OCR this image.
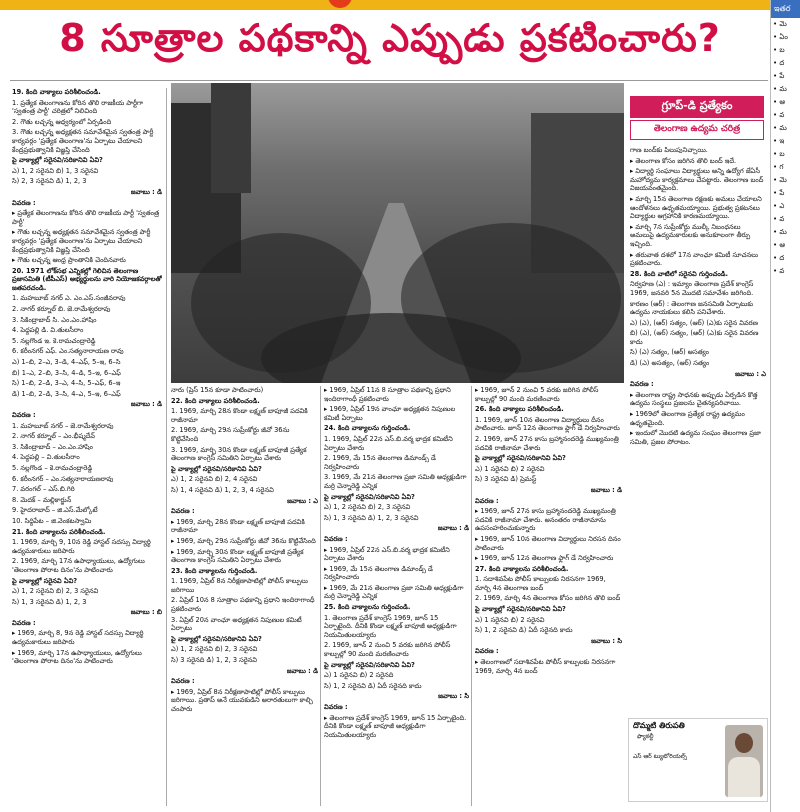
8 సూత్రాల పథకాన్ని ఎప్పుడు ప్రకటించారు?

19. కింది వాక్యాలు పరిశీలించండి.

1. ప్రత్యేక తెలంగాణను కోరిన తొలి రాజకీయ పార్టీగా 'స్వతంత్ర పార్టీ' చరిత్రలో నిలిచింది

2. గౌతు లచ్చన్న ఆధ్వర్యంలో ఏర్పడింది

3. గౌతు లచ్చన్న అధ్యక్షతన సమావేశమైన స్వతంత్ర పార్టీ కార్యవర్గం 'ప్రత్యేక తెలంగాణ'ను ఏర్పాటు చేయాలని కేంద్రప్రభుత్వానికి విజ్ఞప్తి చేసింది

పై వాక్యాల్లో సరైనవి/సరికానివి ఏవి?

ఎ) 1, 2 సరైనవి బి) 1, 3 సరైనవి

సి) 2, 3 సరైనవి డి) 1, 2, 3

జవాబు : డి

వివరణ :

▸ ప్రత్యేక తెలంగాణను కోరిన తొలి రాజకీయ పార్టీ 'స్వతంత్ర పార్టీ'

▸ గౌతు లచ్చన్న అధ్యక్షతన సమావేశమైన స్వతంత్ర పార్టీ కార్యవర్గం 'ప్రత్యేక తెలంగాణ'ను ఏర్పాటు చేయాలని కేంద్రప్రభుత్వానికి విజ్ఞప్తి చేసింది

▸ గౌతు లచ్చన్న ఆంధ్ర ప్రాంతానికి చెందినవారు

20. 1971 లోక్‌సభ ఎన్నికల్లో గెలిచిన తెలంగాణ ప్రజాసమితి (టీపీఎస్) అభ్యర్థులను వారి నియోజకవర్గాలతో జతపరచండి.

1. మహబూబ్ నగర్ ఎ. ఎం.ఎస్.సంజీవరావు

2. నాగర్ కర్నూల్ బి. జె.రామేశ్వరరావు

3. సికింద్రాబాద్ సి. ఎం.ఎం.హాషిం

4. పెద్దపల్లి డి. వి.తులసీరాం

5. నల్లగొండ ఇ. కె.రామచంద్రారెడ్డి

6. కరీంనగర్ ఎఫ్. ఎం.సత్యనారాయణ రావు

ఎ) 1–బి, 2–ఎ, 3–డి, 4–ఎఫ్, 5–ఇ, 6–సి

బి) 1–ఎ, 2–బి, 3–సి, 4–డి, 5–ఇ, 6–ఎఫ్

సి) 1–బి, 2–డి, 3–ఎ, 4–సి, 5–ఎఫ్, 6–ఇ

డి) 1–బి, 2–డి, 3–సి, 4–ఎ, 5–ఇ, 6–ఎఫ్

జవాబు : డి

వివరణ :

1. మహబూబ్ నగర్ – జె.రామేశ్వరరావు

2. నాగర్ కర్నూల్ – ఎం.భీష్మదేవ్

3. సికింద్రాబాద్ – ఎం.ఎం.హాషిం

4. పెద్దపల్లి – వి.తులసీరాం

5. నల్లగొండ – కె.రామచంద్రారెడ్డి

6. కరీంనగర్ – ఎం.సత్యనారాయణరావు

7. వరంగల్ – ఎస్.బి.గిరి

8. మెదక్ – మల్లికార్జున్

9. హైదరాబాద్ – జి.ఎస్.మేల్కోటే

10. సిద్దిపేట – జి.వెంకటస్వామి

21. కింది వాక్యాలను పరిశీలించండి.

1. 1969, మార్చి 9, 10న రెడ్డి హాస్టల్ సదస్సు విద్యార్థి ఉద్యమకారులు జరిపారు

2. 1969, మార్చి 17న ఉపాధ్యాయులు, ఉద్యోగులు 'తెలంగాణ పోరాట దినం'ను పాటించారు

పై వాక్యాల్లో సరైనవి ఏవి?

ఎ) 1, 2 సరైనవి బి) 2, 3 సరైనవి

సి) 1, 3 సరైనవి డి) 1, 2, 3

జవాబు : బి

వివరణ :

▸ 1969, మార్చి 8, 9న రెడ్డి హాస్టల్ సదస్సు విద్యార్థి ఉద్యమకారులు జరిపారు

▸ 1969, మార్చి 17న ఉపాధ్యాయులు, ఉద్యోగులు 'తెలంగాణ పోరాట దినం'ను పాటించారు

నారు (ప్రెస్ 15న కూడా పాటించారు)

22. కింది వాక్యాలు పరిశీలించండి.

1. 1969, మార్చి 28న కొండా లక్ష్మణ్ బాపూజీ పదవికి రాజీనామా

2. 1969, మార్చి 29న సుప్రీంకోర్టు జీవో 36ను కొట్టివేసింది

3. 1969, మార్చి 30న కొండా లక్ష్మణ్ బాపూజీ ప్రత్యేక తెలంగాణ కాంగ్రెస్ సమితిని ఏర్పాటు చేశారు

పై వాక్యాల్లో సరైనవి/సరికానివి ఏవి?

ఎ) 1, 2 సరైనవి బి) 2, 4 సరైనవి

సి) 1, 4 సరైనవి డి) 1, 2, 3, 4 సరైనవి

జవాబు : ఎ

వివరణ :

▸ 1969, మార్చి 28న కొండా లక్ష్మణ్ బాపూజీ పదవికి రాజీనామా

▸ 1969, మార్చి 29న సుప్రీంకోర్టు జీవో 36ను కొట్టివేసింది

▸ 1969, మార్చి 30న కొండా లక్ష్మణ్ బాపూజీ ప్రత్యేక తెలంగాణ కాంగ్రెస్ సమితిని ఏర్పాటు చేశారు

23. కింది వాక్యాలను గుర్తించండి.

1. 1969, ఏప్రిల్ 8న నిరీక్షణాపాటిల్లో పోలీస్ కాల్పులు జరిగాయి

2. ఏప్రిల్ 10న 8 సూత్రాల పథకాన్ని ప్రధాని ఇందిరాగాంధీ ప్రకటించారు

3. ఏప్రిల్ 20న వాంఛూ అధ్యక్షతన నిపుణుల కమిటీ ఏర్పాటు

పై వాక్యాల్లో సరైనవి/సరికానివి ఏవి?

ఎ) 1, 2 సరైనవి బి) 2, 3 సరైనవి

సి) 3 సరైనది డి) 1, 2, 3 సరైనవి

జవాబు : డి

వివరణ :

▸ 1969, ఏప్రిల్ 8న నిరీక్షణాపాటిల్లో పోలీస్ కాల్పులు జరిగాయి. ప్రతాప్ అనే యువకుడిని అరారతులుగా కాల్చి చంపారు

▸ 1969, ఏప్రిల్ 11న 8 సూత్రాల పథకాన్ని ప్రధాని ఇందిరాగాంధీ ప్రకటించారు

▸ 1969, ఏప్రిల్ 19న వాంఛూ అధ్యక్షతన నిపుణుల కమిటీ ఏర్పాటు

24. కింది వాక్యాలను గుర్తించండి.

1. 1969, ఏప్రిల్ 22న ఎస్.బి.వర్మ భాద్రక కమిటీని ఏర్పాటు చేశారు

2. 1969, మే 15న తెలంగాణ డిమాండ్స్ డే నిర్వహించారు

3. 1969, మే 21న తెలంగాణ ప్రజా సమితి అధ్యక్షుడిగా మర్రి చెన్నారెడ్డి ఎన్నిక

పై వాక్యాల్లో సరైనవి/సరికానివి ఏవి?

ఎ) 1, 2 సరైనవి బి) 2, 3 సరైనవి

సి) 1, 3 సరైనవి డి) 1, 2, 3 సరైనవి

జవాబు : డి

వివరణ :

▸ 1969, ఏప్రిల్ 22న ఎస్.బి.వర్మ భాద్రక కమిటీని ఏర్పాటు చేశారు

▸ 1969, మే 15న తెలంగాణ డిమాండ్స్ డే నిర్వహించారు

▸ 1969, మే 21న తెలంగాణ ప్రజా సమితి అధ్యక్షుడిగా మర్రి చెన్నారెడ్డి ఎన్నిక

25. కింది వాక్యాలను గుర్తించండి.

1. తెలంగాణ ప్రదేశ్ కాంగ్రెస్ 1969, జూన్ 15 ఏర్పాటైంది. దీనికి కొండా లక్ష్మణ్ బాపూజీ అధ్యక్షుడిగా నియమితులయ్యారు

2. 1969, జూన్ 2 నుంచి 5 వరకు జరిగిన పోలీస్ కాల్పుల్లో 90 మంది మరణించారు

పై వాక్యాల్లో సరైనవి/సరికానివి ఏవి?

ఎ) 1 సరైనవి బి) 2 సరైనది

సి) 1, 2 సరైనవి డి) ఏదీ సరైనది కాదు

జవాబు : సి

వివరణ :

▸ తెలంగాణ ప్రదేశ్ కాంగ్రెస్ 1969, జూన్ 15 ఏర్పాటైంది. దీనికి కొండా లక్ష్మణ్ బాపూజీ అధ్యక్షుడిగా నియమితులయ్యారు

▸ 1969, జూన్ 2 నుంచి 5 వరకు జరిగిన పోలీస్ కాల్పుల్లో 90 మంది మరణించారు

26. కింది వాక్యాలు పరిశీలించండి.

1. 1969, జూన్ 10న తెలంగాణ విద్యార్థులు దీనం పాటించారు. జూన్ 12న తెలంగాణ ఫ్లాగ్ డే నిర్వహించారు

2. 1969, జూన్ 27న కాసు బ్రహ్మానందరెడ్డి ముఖ్యమంత్రి పదవికి రాజీనామా చేశారు

పై వాక్యాల్లో సరైనవి/సరికానివి ఏవి?

ఎ) 1 సరైనవి బి) 2 సరైనవి

సి) 3 సరైనవి డి) ప్రెమస్ట్

జవాబు : డి

వివరణ :

▸ 1969, జూన్ 27న కాసు బ్రహ్మానందరెడ్డి ముఖ్యమంత్రి పదవికి రాజీనామా చేశారు. అనంతరం రాజీనామాను ఉపసంహరించుకున్నారు

▸ 1969, జూన్ 10న తెలంగాణ విద్యార్థులు నిరసన దినం పాటించారు

▸ 1969, జూన్ 12న తెలంగాణ ఫ్లాగ్ డే నిర్వహించారు

27. కింది వాక్యాలను పరిశీలించండి.

1. సదాశివపేట పోలీస్ కాల్పులకు నిరసనగా 1969, మార్చి 4న తెలంగాణ బంద్

2. 1969, మార్చి 4న తెలంగాణ కోసం జరిగిన తొలి బంద్

పై వాక్యాల్లో సరైనవి/సరికానివి ఏవి?

ఎ) 1 సరైనవి బి) 2 సరైనవి

సి) 1, 2 సరైనవి డి) ఏదీ సరైనది కాదు

జవాబు : సి

వివరణ :

▸ తెలంగాణలో సదాశివపేట పోలీస్ కాల్పులకు నిరసనగా 1969, మార్చి 4న బంద్

గ్రూప్‌-డి ప్రత్యేకం
తెలంగాణ ఉద్యమ చరిత్ర

గాణ బంద్‌కు పిలుపునిచ్చాయి.

▸ తెలంగాణ కోసం జరిగిన తొలి బంద్ ఇదే.

▸ విద్యార్థి సంఘాలు విద్యార్థులు అన్ని ఉద్యోగ జేఏసీ మహోద్యమ కార్యక్రమాలు చేపట్టారు. తెలంగాణ బంద్ విజయవంతమైంది.

▸ మార్చి 15న తెలంగాణ రక్షణకు అమలు చేయాలని ఆందోళనలు ఉధృతమయ్యాయి. ప్రభుత్వ ప్రకటనలు విద్యార్థుల ఆగ్రహానికి కారణమయ్యాయి.

▸ మార్చి 7న సుప్రీంకోర్టు ముల్కీ నిబంధనలు అమలుపై ఉద్యమకారులకు అనుకూలంగా తీర్పు ఇచ్చింది.

▸ తరువాత దశలో 17న వాంఛూ కమిటీ సూచనలు ప్రకటించారు.

28. కింది వాటిలో సరైనవి గుర్తించండి.

నిర్వహణ (ఎ) : ఇమ్యాం తెలంగాణ ప్రదేశ్ కాంగ్రెస్ 1969, జనవరి 5న మొదటి సమావేశం జరిగింది.

కారణం (ఆర్) : తెలంగాణ జనసమితి ఏర్పాటుకు ఉద్యమ నాయకులు కలిసి పనిచేశారు.

ఎ) (ఎ), (ఆర్) సత్యం, (ఆర్) (ఎ)కు సరైన వివరణ

బి) (ఎ), (ఆర్) సత్యం, (ఆర్) (ఎ)కు సరైన వివరణ కాదు

సి) (ఎ) సత్యం, (ఆర్) అసత్యం

డి) (ఎ) అసత్యం, (ఆర్) సత్యం

జవాబు : ఎ

వివరణ :

▸ తెలంగాణ రాష్ట్ర సాధనకు అప్పుడు ఏర్పడిన కొత్త ఉద్యమ సంస్థలు ప్రజలను చైతన్యపరిచాయి.

▸ 1969లో తెలంగాణ ప్రత్యేక రాష్ట్ర ఉద్యమం ఉధృతమైంది.

▸ ఇందులో మొదటి ఉద్యమ సంఘం తెలంగాణ ప్రజా సమితి, ప్రజల పోరాటం.

దొమ్మటి తిరుపతి
ఫ్యాకల్టీ
ఎస్ ఆర్ ట్యుటోరియల్స్
ఇతర
• మె
• ఏం
• బ
• ద
• పే
• మ
• ఆ
• వ
• మ
• ఇ
• బ
• గ
• మె
• పే
• ఎ
• వ
• మ
• ఆ
• ద
• వ
